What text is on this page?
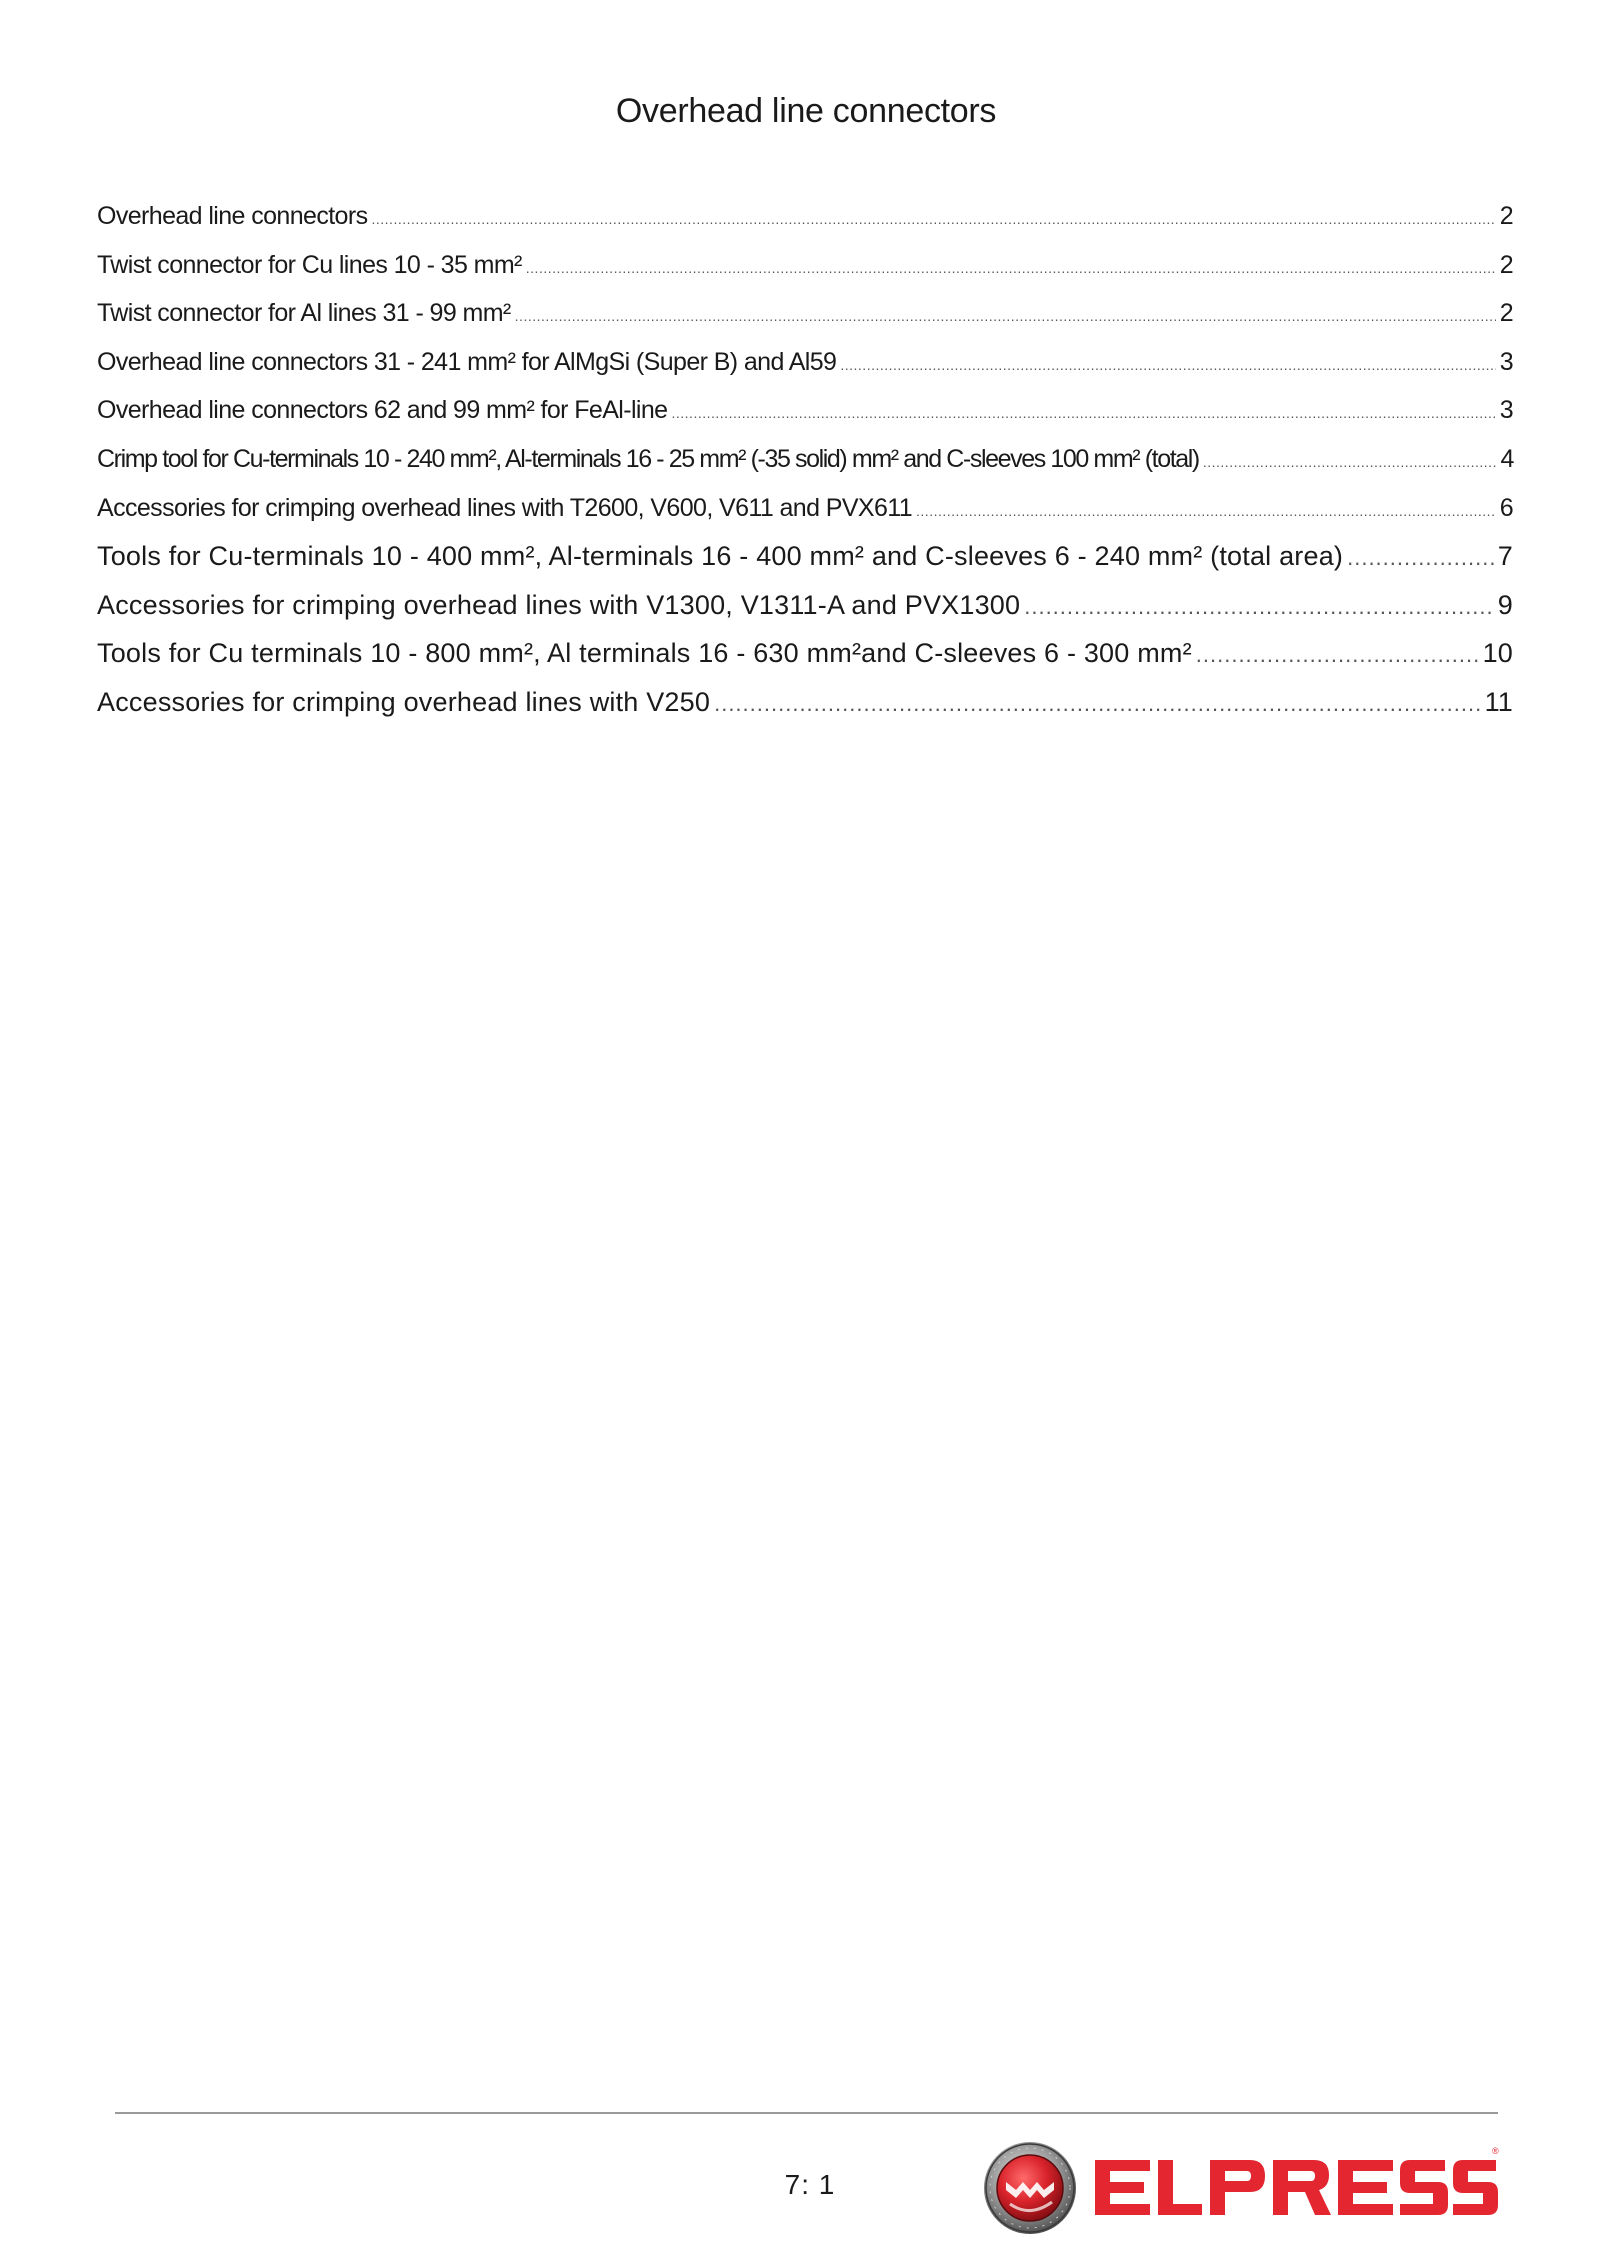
Overhead line connectors
Overhead line connectors .....	2
Twist connector for Cu lines 10 - 35 mm² .....	2
Twist connector for Al lines 31 - 99 mm² .....	2
Overhead line connectors 31 - 241 mm² for AlMgSi (Super B) and Al59 .....	3
Overhead line connectors 62 and 99 mm² for FeAl-line .....	3
Crimp tool for Cu-terminals 10 - 240 mm², Al-terminals 16 - 25 mm² (-35 solid) mm² and C-sleeves 100 mm² (total) .....	4
Accessories for crimping overhead lines with T2600, V600, V611 and PVX611 .....	6
Tools for Cu-terminals 10 - 400 mm², Al-terminals 16 - 400 mm² and C-sleeves 6 - 240 mm² (total area) .....	7
Accessories for crimping overhead lines with V1300, V1311-A and PVX1300 .....	9
Tools for Cu terminals 10 - 800 mm², Al terminals 16 - 630 mm²and C-sleeves 6 - 300 mm² .....	10
Accessories for crimping overhead lines with V250 .....	11
7: 1
®
